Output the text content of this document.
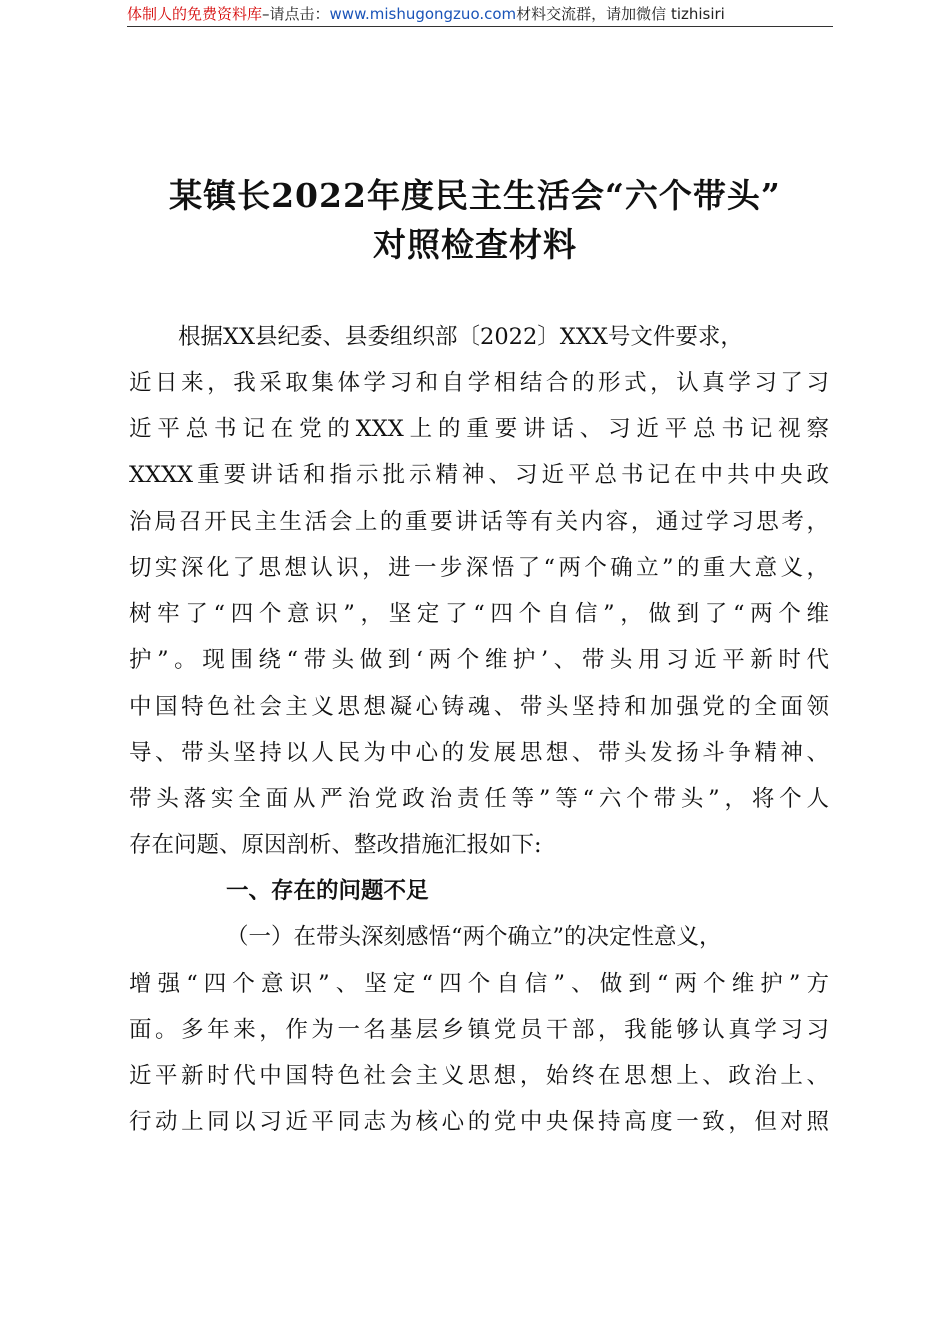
体制人的免费资料库–请点击：www.mishugongzuo.com材料交流群，请加微信 tizhisiri
某镇长2022年度民主生活会“六个带头”
对照检查材料
根据XX县纪委、县委组织部〔2022〕XXX号文件要求，
近日来，我采取集体学习和自学相结合的形式，认真学习了习
近平总书记在党的XXX上的重要讲话、习近平总书记视察
XXXX重要讲话和指示批示精神、习近平总书记在中共中央政
治局召开民主生活会上的重要讲话等有关内容，通过学习思考，
切实深化了思想认识，进一步深悟了“两个确立”的重大意义，
树牢了“四个意识”，坚定了“四个自信”，做到了“两个维
护”。现围绕“带头做到‘两个维护’、带头用习近平新时代
中国特色社会主义思想凝心铸魂、带头坚持和加强党的全面领
导、带头坚持以人民为中心的发展思想、带头发扬斗争精神、
带头落实全面从严治党政治责任等”等“六个带头”，将个人
存在问题、原因剖析、整改措施汇报如下:
一、存在的问题不足
（一）在带头深刻感悟“两个确立”的决定性意义，
增强“四个意识”、坚定“四个自信”、做到“两个维护”方
面。多年来，作为一名基层乡镇党员干部，我能够认真学习习
近平新时代中国特色社会主义思想，始终在思想上、政治上、
行动上同以习近平同志为核心的党中央保持高度一致，但对照
